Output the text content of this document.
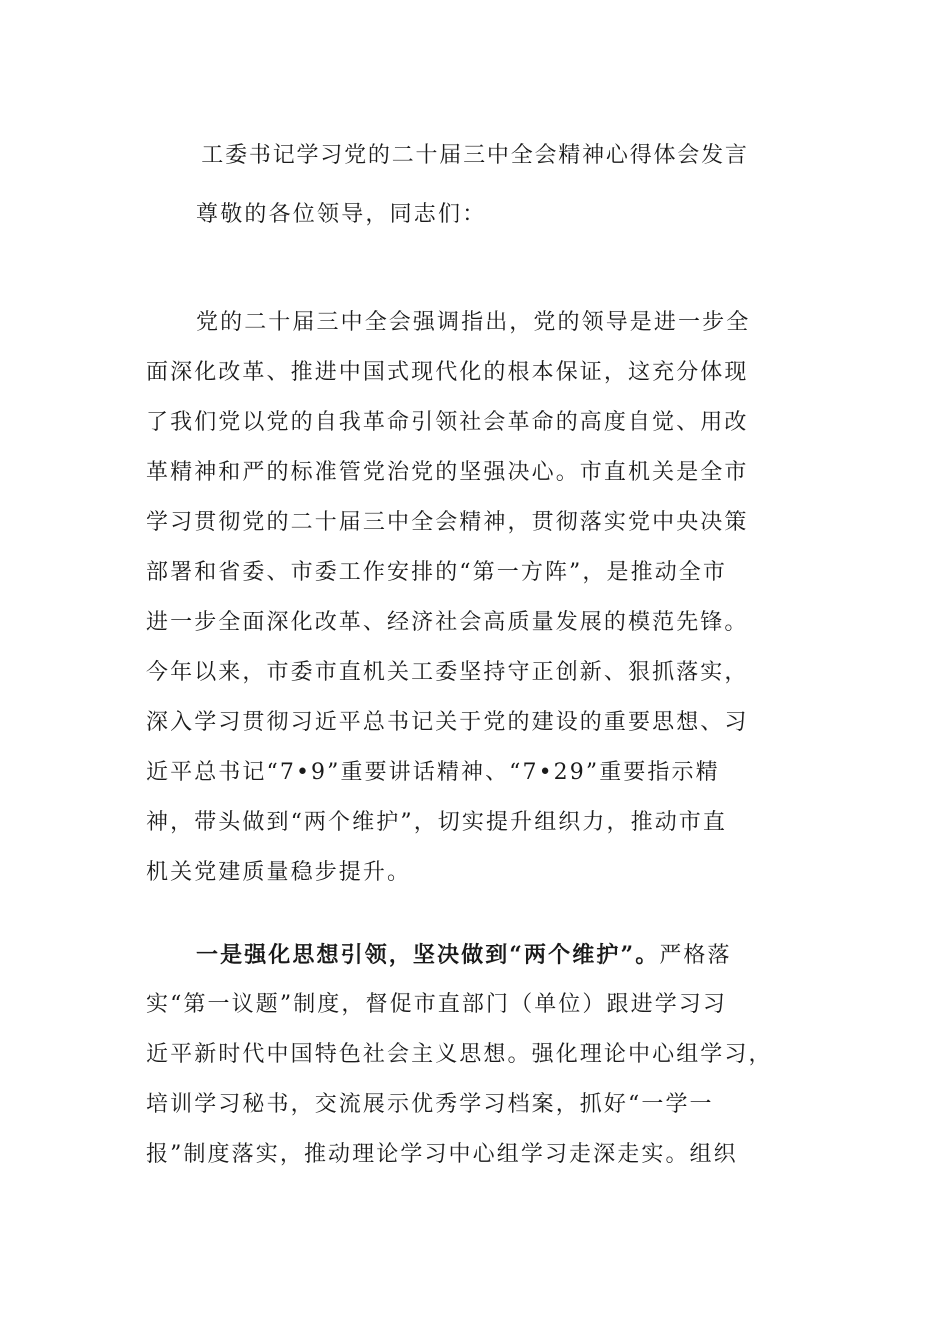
工委书记学习党的二十届三中全会精神心得体会发言

尊敬的各位领导，同志们：

党的二十届三中全会强调指出，党的领导是进一步全
面深化改革、推进中国式现代化的根本保证，这充分体现
了我们党以党的自我革命引领社会革命的高度自觉、用改
革精神和严的标准管党治党的坚强决心。市直机关是全市
学习贯彻党的二十届三中全会精神，贯彻落实党中央决策
部署和省委、市委工作安排的“第一方阵”，是推动全市
进一步全面深化改革、经济社会高质量发展的模范先锋。
今年以来，市委市直机关工委坚持守正创新、狠抓落实，
深入学习贯彻习近平总书记关于党的建设的重要思想、习
近平总书记“7•9”重要讲话精神、“7•29”重要指示精
神，带头做到“两个维护”，切实提升组织力，推动市直
机关党建质量稳步提升。
一是强化思想引领，坚决做到“两个维护”。严格落
实“第一议题”制度，督促市直部门（单位）跟进学习习
近平新时代中国特色社会主义思想。强化理论中心组学习，
培训学习秘书，交流展示优秀学习档案，抓好“一学一
报”制度落实，推动理论学习中心组学习走深走实。组织
